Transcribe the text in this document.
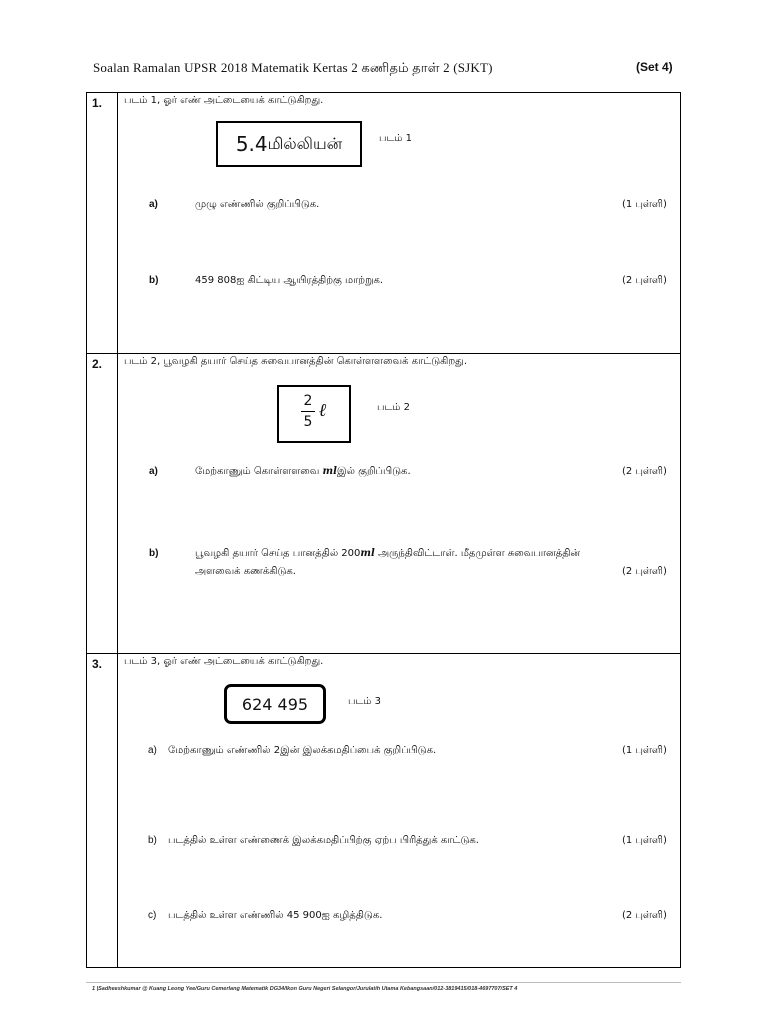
Soalan Ramalan UPSR 2018 Matematik Kertas 2 கணிதம் தாள் 2 (SJKT)	(Set 4)
1. படம் 1, ஓர் எண் அட்டையைக் காட்டுகிறது.
5.4 மில்லியன்	படம் 1
a)	முழு எண்ணில் குறிப்பிடுக.	(1 புள்ளி)
b)	459 808ஐ கிட்டிய ஆயிரத்திற்கு மாற்றுக.	(2 புள்ளி)
2. படம் 2, பூவழகி தயார் செய்த சுவைபானத்தின் கொள்ளளவைக் காட்டுகிறது.
2
5
ℓ	படம் 2
a)	மேற்காணும் கொள்ளளவை mlஇல் குறிப்பிடுக.	(2 புள்ளி)
b)	பூவழகி தயார் செய்த பானத்தில் 200ml அருந்திவிட்டாள். மீதமுள்ள சுவைபானத்தின்
அளவைக் கணக்கிடுக.	(2 புள்ளி)
3. படம் 3, ஓர் எண் அட்டையைக் காட்டுகிறது.
624 495	படம் 3
a) மேற்காணும் எண்ணில் 2இன் இலக்கமதிப்பைக் குறிப்பிடுக.	(1 புள்ளி)
b) படத்தில் உள்ள எண்ணைக் இலக்கமதிப்பிற்கு ஏற்ப பிரித்துக் காட்டுக.	(1 புள்ளி)
c) படத்தில் உள்ள எண்ணில் 45 900ஐ கழித்திடுக.	(2 புள்ளி)
1 |Sadheeshkumar @ Kuang Leong Yee/Guru Cemerlang Matematik DG34/Ikon Guru Negeri Selangor/Jurulatih Utama Kebangsaan/012-3819415/018-4697707/SET 4
